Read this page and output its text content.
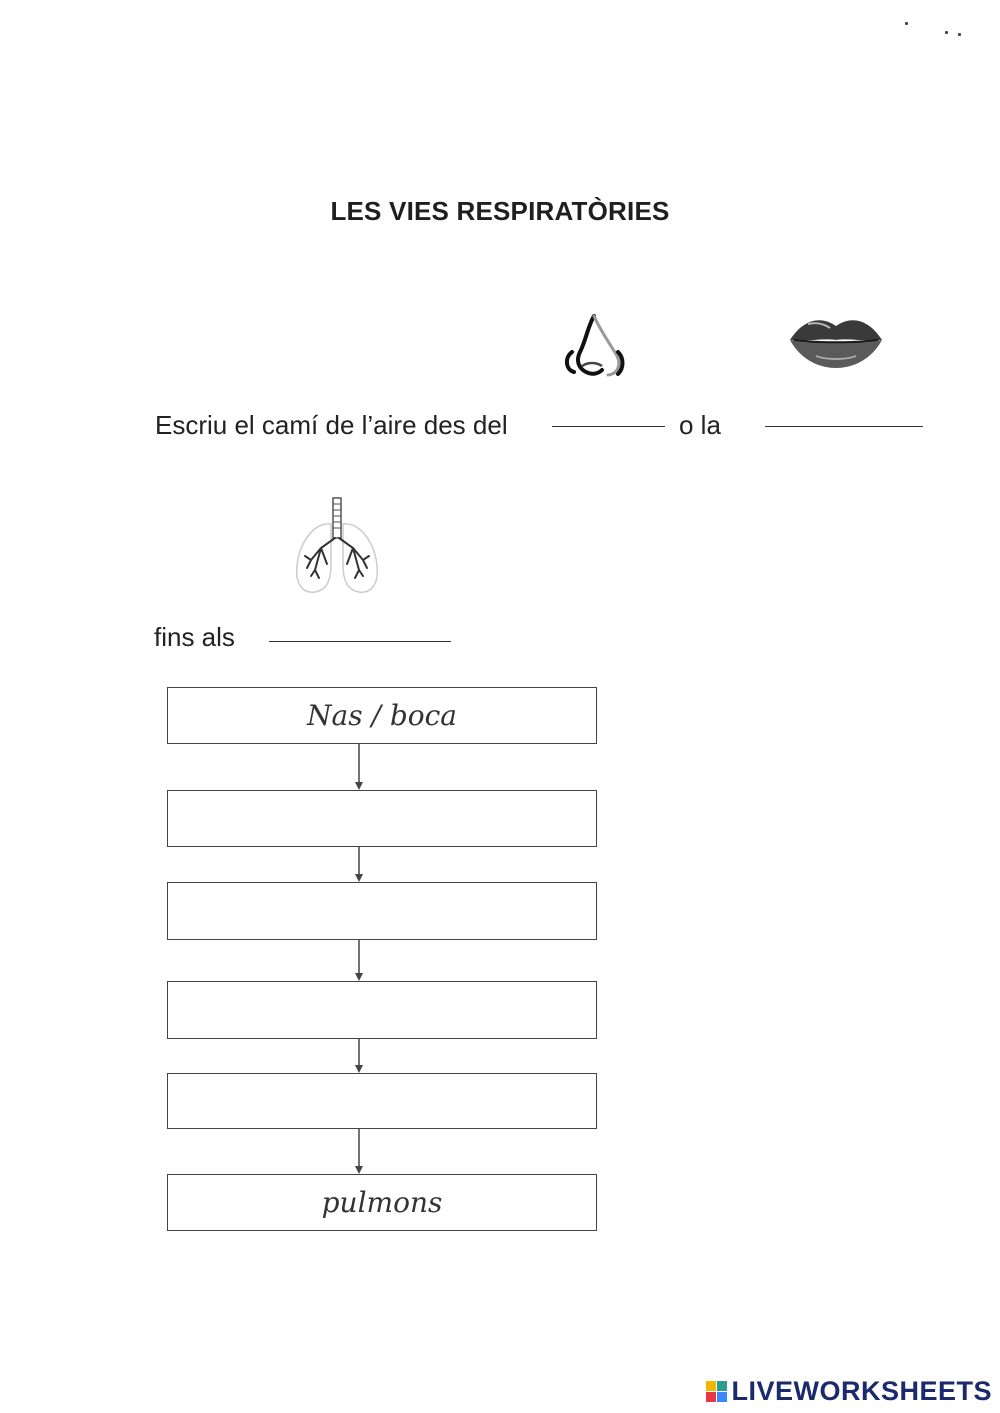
LES VIES RESPIRATÒRIES
Escriu el camí de l’aire des del	o la
fins als
Nas / boca
pulmons
LIVEWORKSHEETS
